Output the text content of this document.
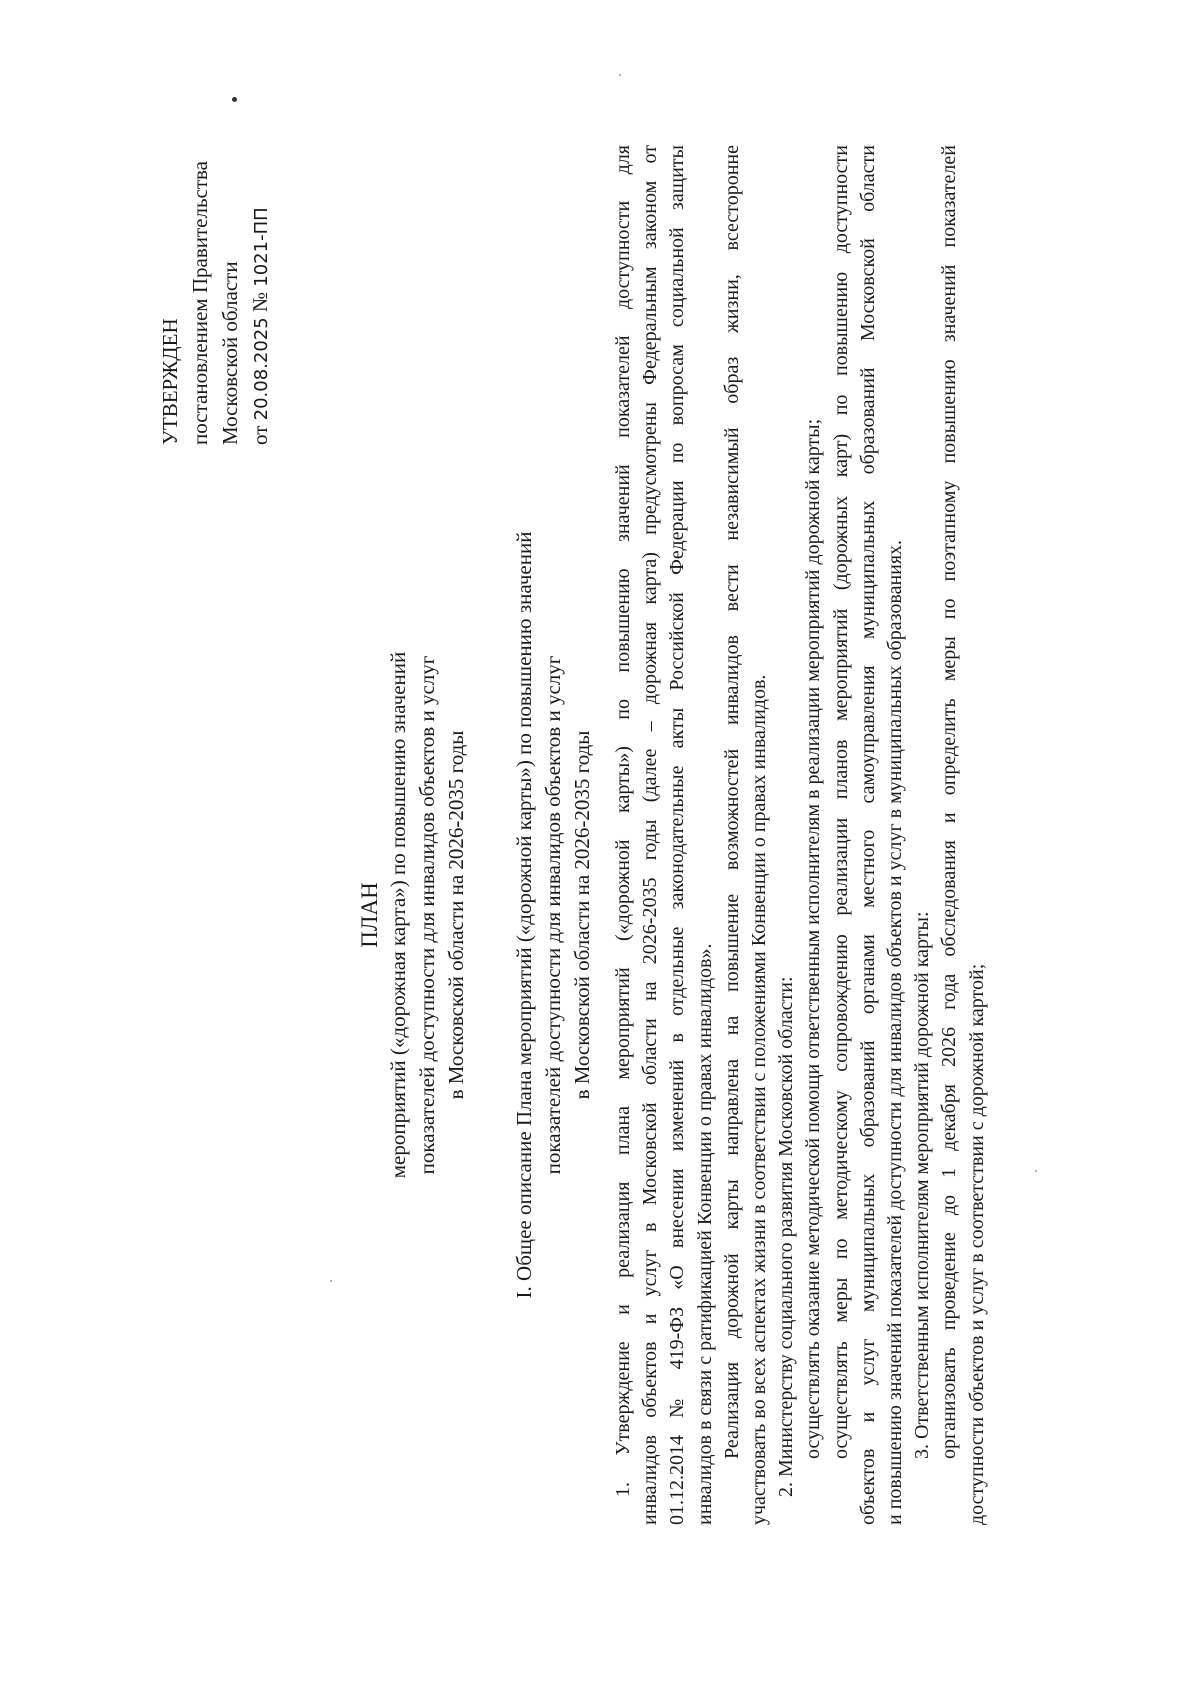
УТВЕРЖДЕН постановлением Правительства Московской области от 20.08.2025 № 1021-ПП
ПЛАН мероприятий («дорожная карта») по повышению значений показателей доступности для инвалидов объектов и услуг в Московской области на 2026-2035 годы I. Общее описание Плана мероприятий («дорожной карты») по повышению значений показателей доступности для инвалидов объектов и услуг в Московской области на 2026-2035 годы 1. Утверждение и реализация плана мероприятий («дорожной карты») по повышению значений показателей доступности для инвалидов объектов и услуг в Московской области на 2026-2035 годы (далее – дорожная карта) предусмотрены Федеральным законом от 01.12.2014 № 419-ФЗ «О внесении изменений в отдельные законодательные акты Российской Федерации по вопросам социальной защиты инвалидов в связи с ратификацией Конвенции о правах инвалидов». Реализация дорожной карты направлена на повышение возможностей инвалидов вести независимый образ жизни, всесторонне участвовать во всех аспектах жизни в соответствии с положениями Конвенции о правах инвалидов. 2. Министерству социального развития Московской области: осуществлять оказание методической помощи ответственным исполнителям в реализации мероприятий дорожной карты; осуществлять меры по методическому сопровождению реализации планов мероприятий (дорожных карт) по повышению доступности объектов и услуг муниципальных образований органами местного самоуправления муниципальных образований Московской области и повышению значений показателей доступности для инвалидов объектов и услуг в муниципальных образованиях. 3. Ответственным исполнителям мероприятий дорожной карты: организовать проведение до 1 декабря 2026 года обследования и определить меры по поэтапному повышению значений показателей доступности объектов и услуг в соответствии с дорожной картой;
